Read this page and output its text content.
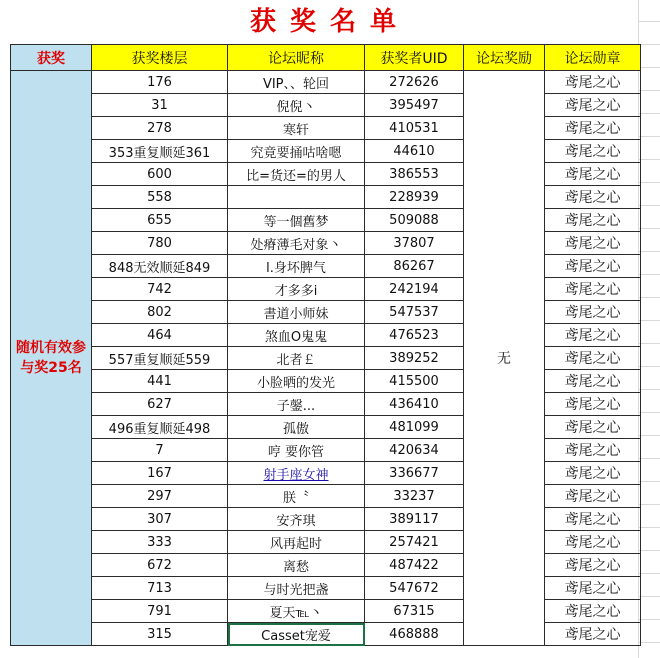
获奖名单
获奖	获奖楼层	论坛昵称	获奖者UID	论坛奖励	论坛勋章
随机有效参与奖25名	176	VIP、、轮回	272626	无	鸢尾之心
	31	倪倪丶	395497		鸢尾之心
	278	寒轩	410531		鸢尾之心
	353重复顺延361	究竟要捅咕啥嗯	44610		鸢尾之心
	600	比=货还=的男人	386553		鸢尾之心
	558		228939		鸢尾之心
	655	等一個舊梦	509088		鸢尾之心
	780	处瘠薄毛对象丶	37807		鸢尾之心
	848无效顺延849	l.身坏脾气	86267		鸢尾之心
	742	才多多i	242194		鸢尾之心
	802	書道小师妹	547537		鸢尾之心
	464	煞血O鬼鬼	476523		鸢尾之心
	557重复顺延559	北者￡	389252		鸢尾之心
	441	小脸晒的发光	415500		鸢尾之心
	627	子鏧...	436410		鸢尾之心
	496重复顺延498	孤傲	481099		鸢尾之心
	7	哼 要你管	420634		鸢尾之心
	167	射手座女神	336677		鸢尾之心
	297	朕〝	33237		鸢尾之心
	307	安齐琪	389117		鸢尾之心
	333	风再起时	257421		鸢尾之心
	672	离愁	487422		鸢尾之心
	713	与时光把盏	547672		鸢尾之心
	791	夏天℡丶	67315		鸢尾之心
	315	Casset宠爱	468888		鸢尾之心
